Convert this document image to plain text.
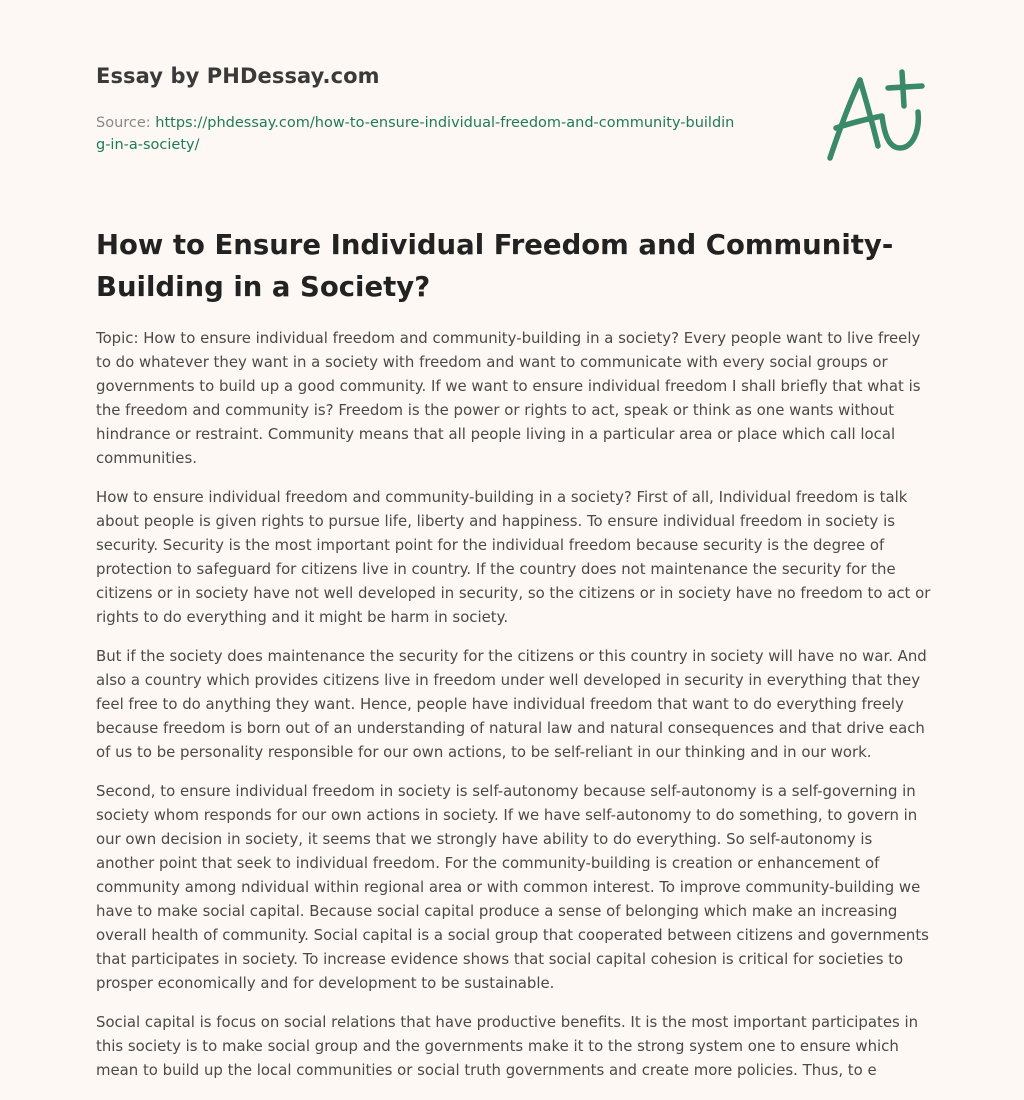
Essay by PHDessay.com
Source: https://phdessay.com/how-to-ensure-individual-freedom-and-community-building-in-a-society/
How to Ensure Individual Freedom and Community-Building in a Society?

Topic: How to ensure individual freedom and community-building in a society? Every people want to live freely to do whatever they want in a society with freedom and want to communicate with every social groups or governments to build up a good community. If we want to ensure individual freedom I shall briefly that what is the freedom and community is? Freedom is the power or rights to act, speak or think as one wants without hindrance or restraint. Community means that all people living in a particular area or place which call local communities.

How to ensure individual freedom and community-building in a society? First of all, Individual freedom is talk about people is given rights to pursue life, liberty and happiness. To ensure individual freedom in society is security. Security is the most important point for the individual freedom because security is the degree of protection to safeguard for citizens live in country. If the country does not maintenance the security for the citizens or in society have not well developed in security, so the citizens or in society have no freedom to act or rights to do everything and it might be harm in society.

But if the society does maintenance the security for the citizens or this country in society will have no war. And also a country which provides citizens live in freedom under well developed in security in everything that they feel free to do anything they want. Hence, people have individual freedom that want to do everything freely because freedom is born out of an understanding of natural law and natural consequences and that drive each of us to be personality responsible for our own actions, to be self-reliant in our thinking and in our work.

Second, to ensure individual freedom in society is self-autonomy because self-autonomy is a self-governing in society whom responds for our own actions in society. If we have self-autonomy to do something, to govern in our own decision in society, it seems that we strongly have ability to do everything. So self-autonomy is another point that seek to individual freedom. For the community-building is creation or enhancement of community among ndividual within regional area or with common interest. To improve community-building we have to make social capital. Because social capital produce a sense of belonging which make an increasing overall health of community. Social capital is a social group that cooperated between citizens and governments that participates in society. To increase evidence shows that social capital cohesion is critical for societies to prosper economically and for development to be sustainable.

Social capital is focus on social relations that have productive benefits. It is the most important participates in this society is to make social group and the governments make it to the strong system one to ensure which mean to build up the local communities or social truth governments and create more policies. Thus, to e
